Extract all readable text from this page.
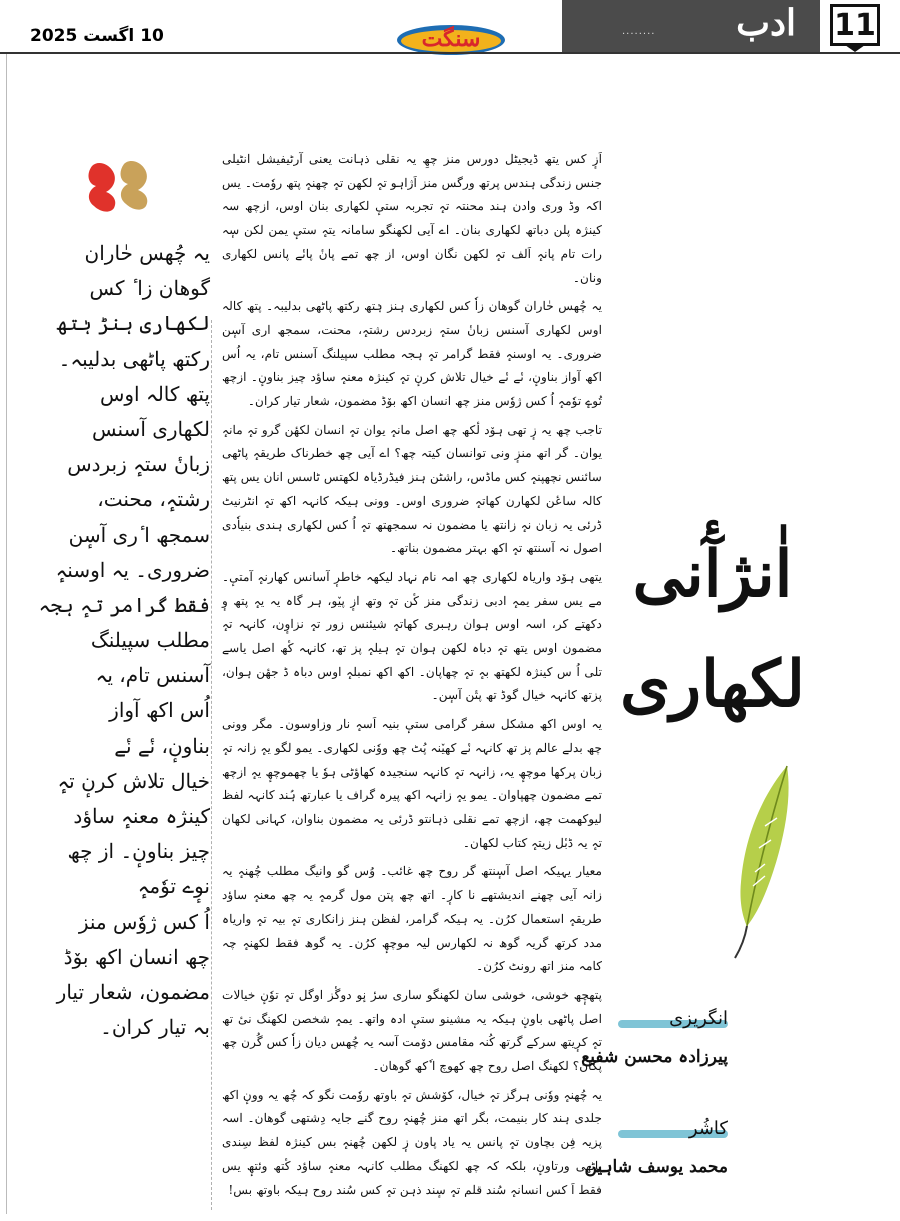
10 اگست 2025	سنگت	........ ادب 11
یہ چُھس حٰاران
گوھان زا ٔ کس
لکھاری ہنڑ ہٰتھ
رکتھ پاٹھی بدلیبہ۔
پتھ کالہ اوس
لکھاری آسنس
زبانٔ ستہٕ زبردس
رشتہٕ، محنت،
سمجھ ا ٔری آسٕن
ضروری۔ یہ اوسنہٕ
فقط گرامر تہٕ ہجہ
مطلب سپیلنگ
آسنس تام، یہ
اُس اکھ آواز
بناونٕ، نٔے نٔے
خیال تلاش کرنٕ تہٕ
کینژہ معنہٕ ساؤد
چیز بناونٕ۔ از چھ
نوٕے توٗمہٕ
اُ کس ژوٗس منز
چھ انسان اکھ بوٚڈ
مضمون، شعار تیار
بہ تیار کران۔

اَزٕ کس یتھ ڈیجیٹل دورس منز چھِ یہ نقلی ذہانت یعنی آرٹیفیشل انٹیلی جنس زندگی ہندس پرتھ ورگس منز اَژاہو تہٕ لکھن تہٕ چھنہٕ پتھ روٗمت۔ یس اکہ وڈ وری وادن ہند محنتہ تہٕ تجربہ ستیٕ لکھاری بنان اوس، ازچھ سہ کینژہ پلن دباتھ لکھاری بنان۔ اے آیی لکھنگو سامانہ یتہٕ ستیٕ یمن لکن سٕہ رات تام پانہٕ اَلف تہٕ لکھن نگان اوس، از چھ تمے پانٔ پانٔے پانس لکھاری ونان۔

یہ چُھس حٰاران گوھان زاٗ کس لکھاری ہنز ہٰتھ رکتھ پاٹھی بدلیبہ۔ پتھ کالہ اوس لکھاری آسنس زبانٔ ستہٕ زبردس رشتہٕ، محنت، سمجھ اری آسٕن ضروری۔ یہ اوسنہٕ فقط گرامر تہٕ ہجہ مطلب سپیلنگ آسنس تام، یہ اُس اکھ آواز بناونٕ، نٔے نٔے خیال تلاش کرنٕ تہٕ کینژہ معنہٕ ساؤد چیز بناونٕ۔ ازچھ تُوےٕ توٗمہٕ اُ کس ژوٗس منز چھ انسان اکھ بوٚڈ مضمون، شعار تیار کران۔

تاجب چھ یہ زٕ تھی ہوٚد لٔکھ چھ اصل مانہٕ یوان تہٕ انسان لکھٔن گرو تہٕ مانہٕ یوان۔ گر اتھ منزٕ ونی توانسان کیتہ چھ؟ اے آیی چھ خطرناک طریقہٕ پاٹھی سائنس نچھپنہٕ کس ماڈس، راشٹن ہنز فیڈرڈیاہ لکھتس ٹاسس انان یس پتھ کالہ ساعٔن لکھارن کھاتہٕ ضروری اوس۔ وونی ہیکہ کانہہ اکھ تہٕ انٹرنیٹ ڈرئی یہ زبان نہٕ زانتھ یا مضمون نہ سمجھتھ تہٕ اُ کس لکھاری ہندی بنیاٗدی اصول نہ آسنتھ تہٕ اکھ بہتر مضمون بناتھ۔

یتھی ہوٚد واریاہ لکھاری چھ امہ نام نہاد لیکھہ خاطرٕ آسانس کھارنہٕ آمتیٕ۔ مے یس سفر یمہٕ ادبی زندگی منز کٔن تہٕ وتھ ازٕ پیٚو، ہر گاہ یہ یہٕ پتھ وٕ دکھتے کر، اسہ اوس ہوان رہبری کھاتہٕ شیئنس زور تہٕ نزاوٕن، کانہہ تہٕ مضمون اوس یتھ تہٕ دباہ لکھن ہوان تہٕ ہیلہٕ پز تھ، کانہہ کٔھ اصل یاسے تلی اُ س کینژہ لکھتھ بہٕ تہٕ چھاپان۔ اکھ اکھ نمبلہٕ اوس دباہ ڈ جھٔن ہوان، پزتھ کانہہ خیال گوڈ تھ پتٔن آسٕن۔

یہ اوس اکھ مشکل سفر گرامی ستیٕ بنیہ اَسہٕ نار وزاوسون۔ مگر وونی چھ بدلے عالم پز تھ کانہہ نٔے کھیٚنہ پُٹ چھ ووٗنی لکھاری۔ یمو لگو یہٕ زانہ تہٕ زبان پرکھا موچھٕ یہ، زانہہ تہٕ کانہہ سنجیدہ کھاؤٹی ہوٗ یا چھموچھٕ یہٕ ازچھ تمے مضمون چھپاوان۔ یمو یہٕ زانہہ اکھ پیرہ گراف یا عبارتھ ہُند کانہہ لفظ لیوکھمت چھ، ازچھ تمے نقلی ذہانتو ڈرئی یہ مضمون بناوان، کہانی لکھان تہٕ یہ ڈبٔل زیتہٕ کتاب لکھان۔

معیار یہیکہ اصل آسٕنتھ گر روح چھ غائب۔ وُس گو وانیگ مطلب چُھنہٕ یہ زانہ آیی چھنے اندیشتھے نا کارٕ۔ اتھ چھ پتن مول گرمہٕ یہ چھ معنہٕ ساؤد طریقہٕ استعمال کرُن۔ یہ ہیکہ گرامر، لفظن ہنز زانکاری تہٕ بیہ تہٕ واریاہ مدد کرتھ گریہ گوھ نہ لکھارس لیہ موچھٕ کرُن۔ یہ گوھ فقط لکھنہٕ چہ کامہ منز اتھ رونٹ کرُن۔

پتھچٕھ خوشی، خوشی سان لکھنگو ساری سرٔ نٕو دوگٔز اوگل تہٕ توٗنٕ خیالات اصل پاٹھی باونٕ ہیکہ یہ مشینو ستیٕ ادہ واتھ۔ یمہٕ شخصن لکھنگ نیٔ تھ تہٕ کرٕیتھ سرکے گرتھ کُنہ مقامس دوٚمت آسہ یہ چُھس دیان زاٗ کس گُرن چھ پکان؟ لکھنگ اصل روح چھ کھوچ ا ٗکھ گوھان۔

یہ چُھنہٕ ووٗنی ہرگز تہٕ خیال، کوٚشش تہٕ باوتھ روٗمت نگو کہ چُھ یہ وونٕ اکھ جلدی ہند کار بنیمت، بگر اتھ منز چُھنہٕ روح گنے جایہ دِشتھی گوھان۔ اسہ پزیہ فِن بچاون تہٕ پانس یہ یاد پاون زٕ لکھن چُھنہٕ بس کینژہ لفظ سِندی پاٹھی ورتاونٕ، بلکہ کہ چھ لکھنگ مطلب کانہہ معنہٕ ساؤد کٔتھ وئتھٕ یس فقط اَ کس انسانہٕ سُند قلم تہٕ سٕند ذہن تہٕ کس سُند روح ہیکہ باوتھ بس!

اٰنژآٔنی
لکھاری
انگریزی
پیرزادہ محسن شفیع
کاشُر
محمد یوسف شاہین
